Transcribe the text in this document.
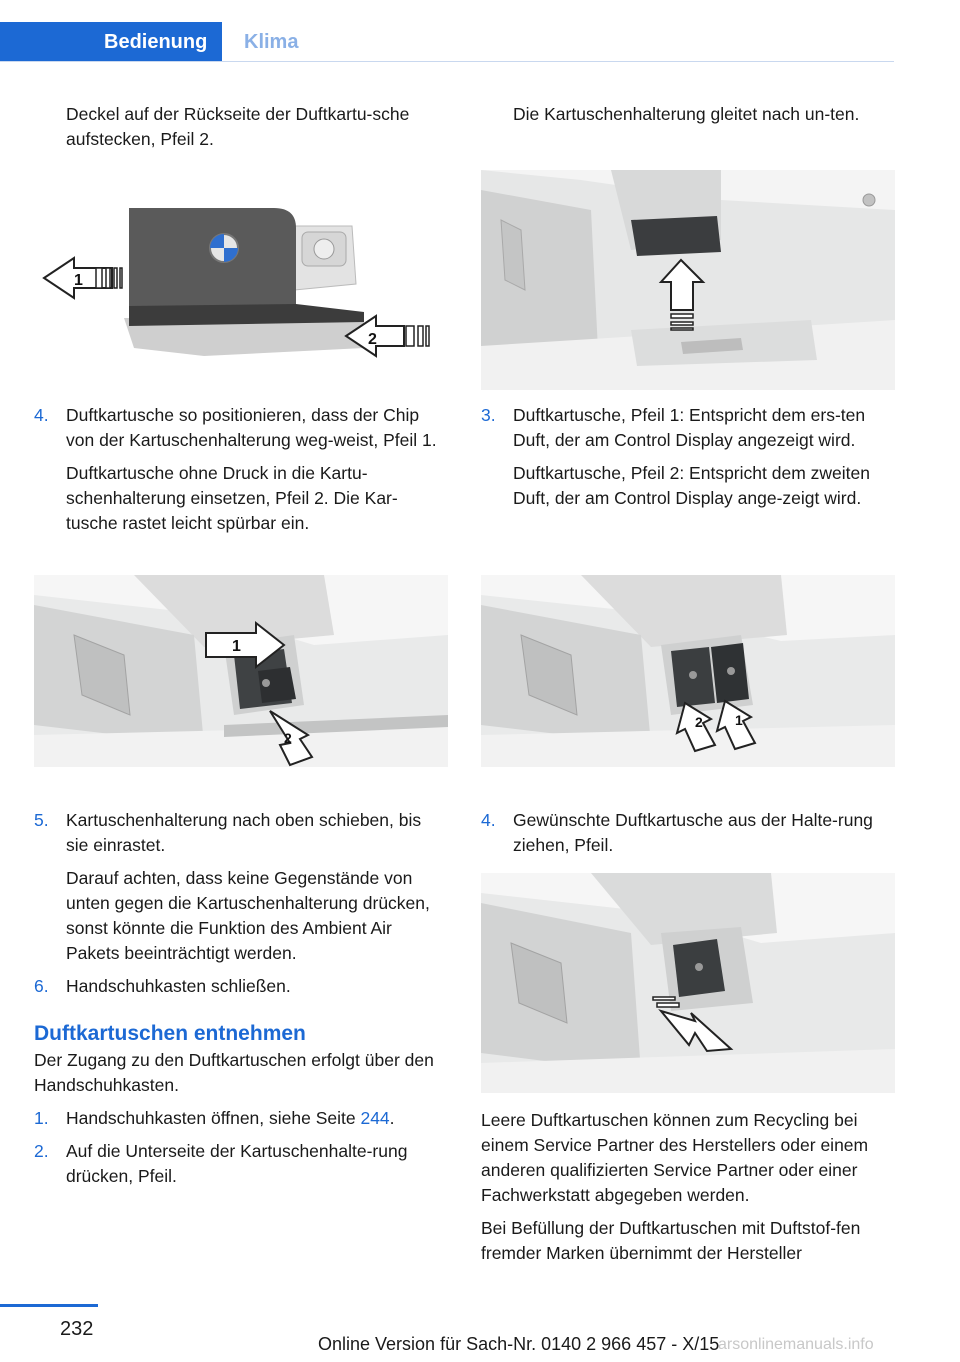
Bedienung	Klima

Deckel auf der Rückseite der Duftkartu-sche aufstecken, Pfeil 2.

1
2
4. Duftkartusche so positionieren, dass der Chip von der Kartuschenhalterung weg-weist, Pfeil 1.

Duftkartusche ohne Druck in die Kartu-schenhalterung einsetzen, Pfeil 2. Die Kar-tusche rastet leicht spürbar ein.

1
2
5. Kartuschenhalterung nach oben schieben, bis sie einrastet.

Darauf achten, dass keine Gegenstände von unten gegen die Kartuschenhalterung drücken, sonst könnte die Funktion des Ambient Air Pakets beeinträchtigt werden.

6. Handschuhkasten schließen.
Duftkartuschen entnehmen

Der Zugang zu den Duftkartuschen erfolgt über den Handschuhkasten.

1. Handschuhkasten öffnen, siehe Seite 244.
2. Auf die Unterseite der Kartuschenhalte-rung drücken, Pfeil.

Die Kartuschenhalterung gleitet nach un-ten.

3. Duftkartusche, Pfeil 1: Entspricht dem ers-ten Duft, der am Control Display angezeigt wird.

Duftkartusche, Pfeil 2: Entspricht dem zweiten Duft, der am Control Display ange-zeigt wird.

2 1
4. Gewünschte Duftkartusche aus der Halte-rung ziehen, Pfeil.

Leere Duftkartuschen können zum Recycling bei einem Service Partner des Herstellers oder einem anderen qualifizierten Service Partner oder einer Fachwerkstatt abgegeben werden.

Bei Befüllung der Duftkartuschen mit Duftstof-fen fremder Marken übernimmt der Hersteller

232
Online Version für Sach-Nr. 0140 2 966 457 - X/15
arsonlinemanuals.info
